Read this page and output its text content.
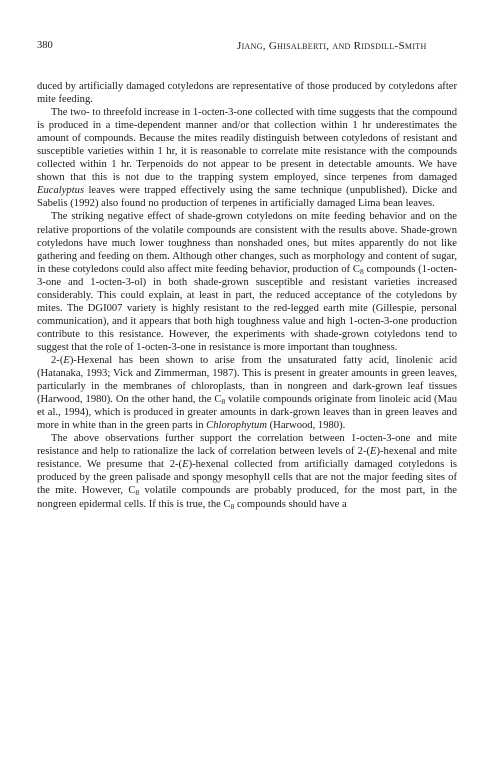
380	Jiang, Ghisalberti, and Ridsdill-Smith

duced by artificially damaged cotyledons are representative of those produced by cotyledons after mite feeding.

The two- to threefold increase in 1-octen-3-one collected with time suggests that the compound is produced in a time-dependent manner and/or that collection within 1 hr underestimates the amount of compounds. Because the mites readily distinguish between cotyledons of resistant and susceptible varieties within 1 hr, it is reasonable to correlate mite resistance with the compounds collected within 1 hr. Terpenoids do not appear to be present in detectable amounts. We have shown that this is not due to the trapping system employed, since terpenes from damaged Eucalyptus leaves were trapped effectively using the same technique (unpublished). Dicke and Sabelis (1992) also found no production of terpenes in artificially damaged Lima bean leaves.

The striking negative effect of shade-grown cotyledons on mite feeding behavior and on the relative proportions of the volatile compounds are consistent with the results above. Shade-grown cotyledons have much lower toughness than nonshaded ones, but mites apparently do not like gathering and feeding on them. Although other changes, such as morphology and content of sugar, in these cotyledons could also affect mite feeding behavior, production of $C_8$ compounds (1-octen-3-one and 1-octen-3-ol) in both shade-grown susceptible and resistant varieties increased considerably. This could explain, at least in part, the reduced acceptance of the cotyledons by mites. The DGI007 variety is highly resistant to the red-legged earth mite (Gillespie, personal communication), and it appears that both high toughness value and high 1-octen-3-one production contribute to this resistance. However, the experiments with shade-grown cotyledons tend to suggest that the role of 1-octen-3-one in resistance is more important than toughness.

2-(E)-Hexenal has been shown to arise from the unsaturated fatty acid, linolenic acid (Hatanaka, 1993; Vick and Zimmerman, 1987). This is present in greater amounts in green leaves, particularly in the membranes of chloroplasts, than in nongreen and dark-grown leaf tissues (Harwood, 1980). On the other hand, the $C_8$ volatile compounds originate from linoleic acid (Mau et al., 1994), which is produced in greater amounts in dark-grown leaves than in green leaves and more in white than in the green parts in Chlorophytum (Harwood, 1980).

The above observations further support the correlation between 1-octen-3-one and mite resistance and help to rationalize the lack of correlation between levels of 2-(E)-hexenal and mite resistance. We presume that 2-(E)-hexenal collected from artificially damaged cotyledons is produced by the green palisade and spongy mesophyll cells that are not the major feeding sites of the mite. However, $C_8$ volatile compounds are probably produced, for the most part, in the nongreen epidermal cells. If this is true, the $C_8$ compounds should have a
